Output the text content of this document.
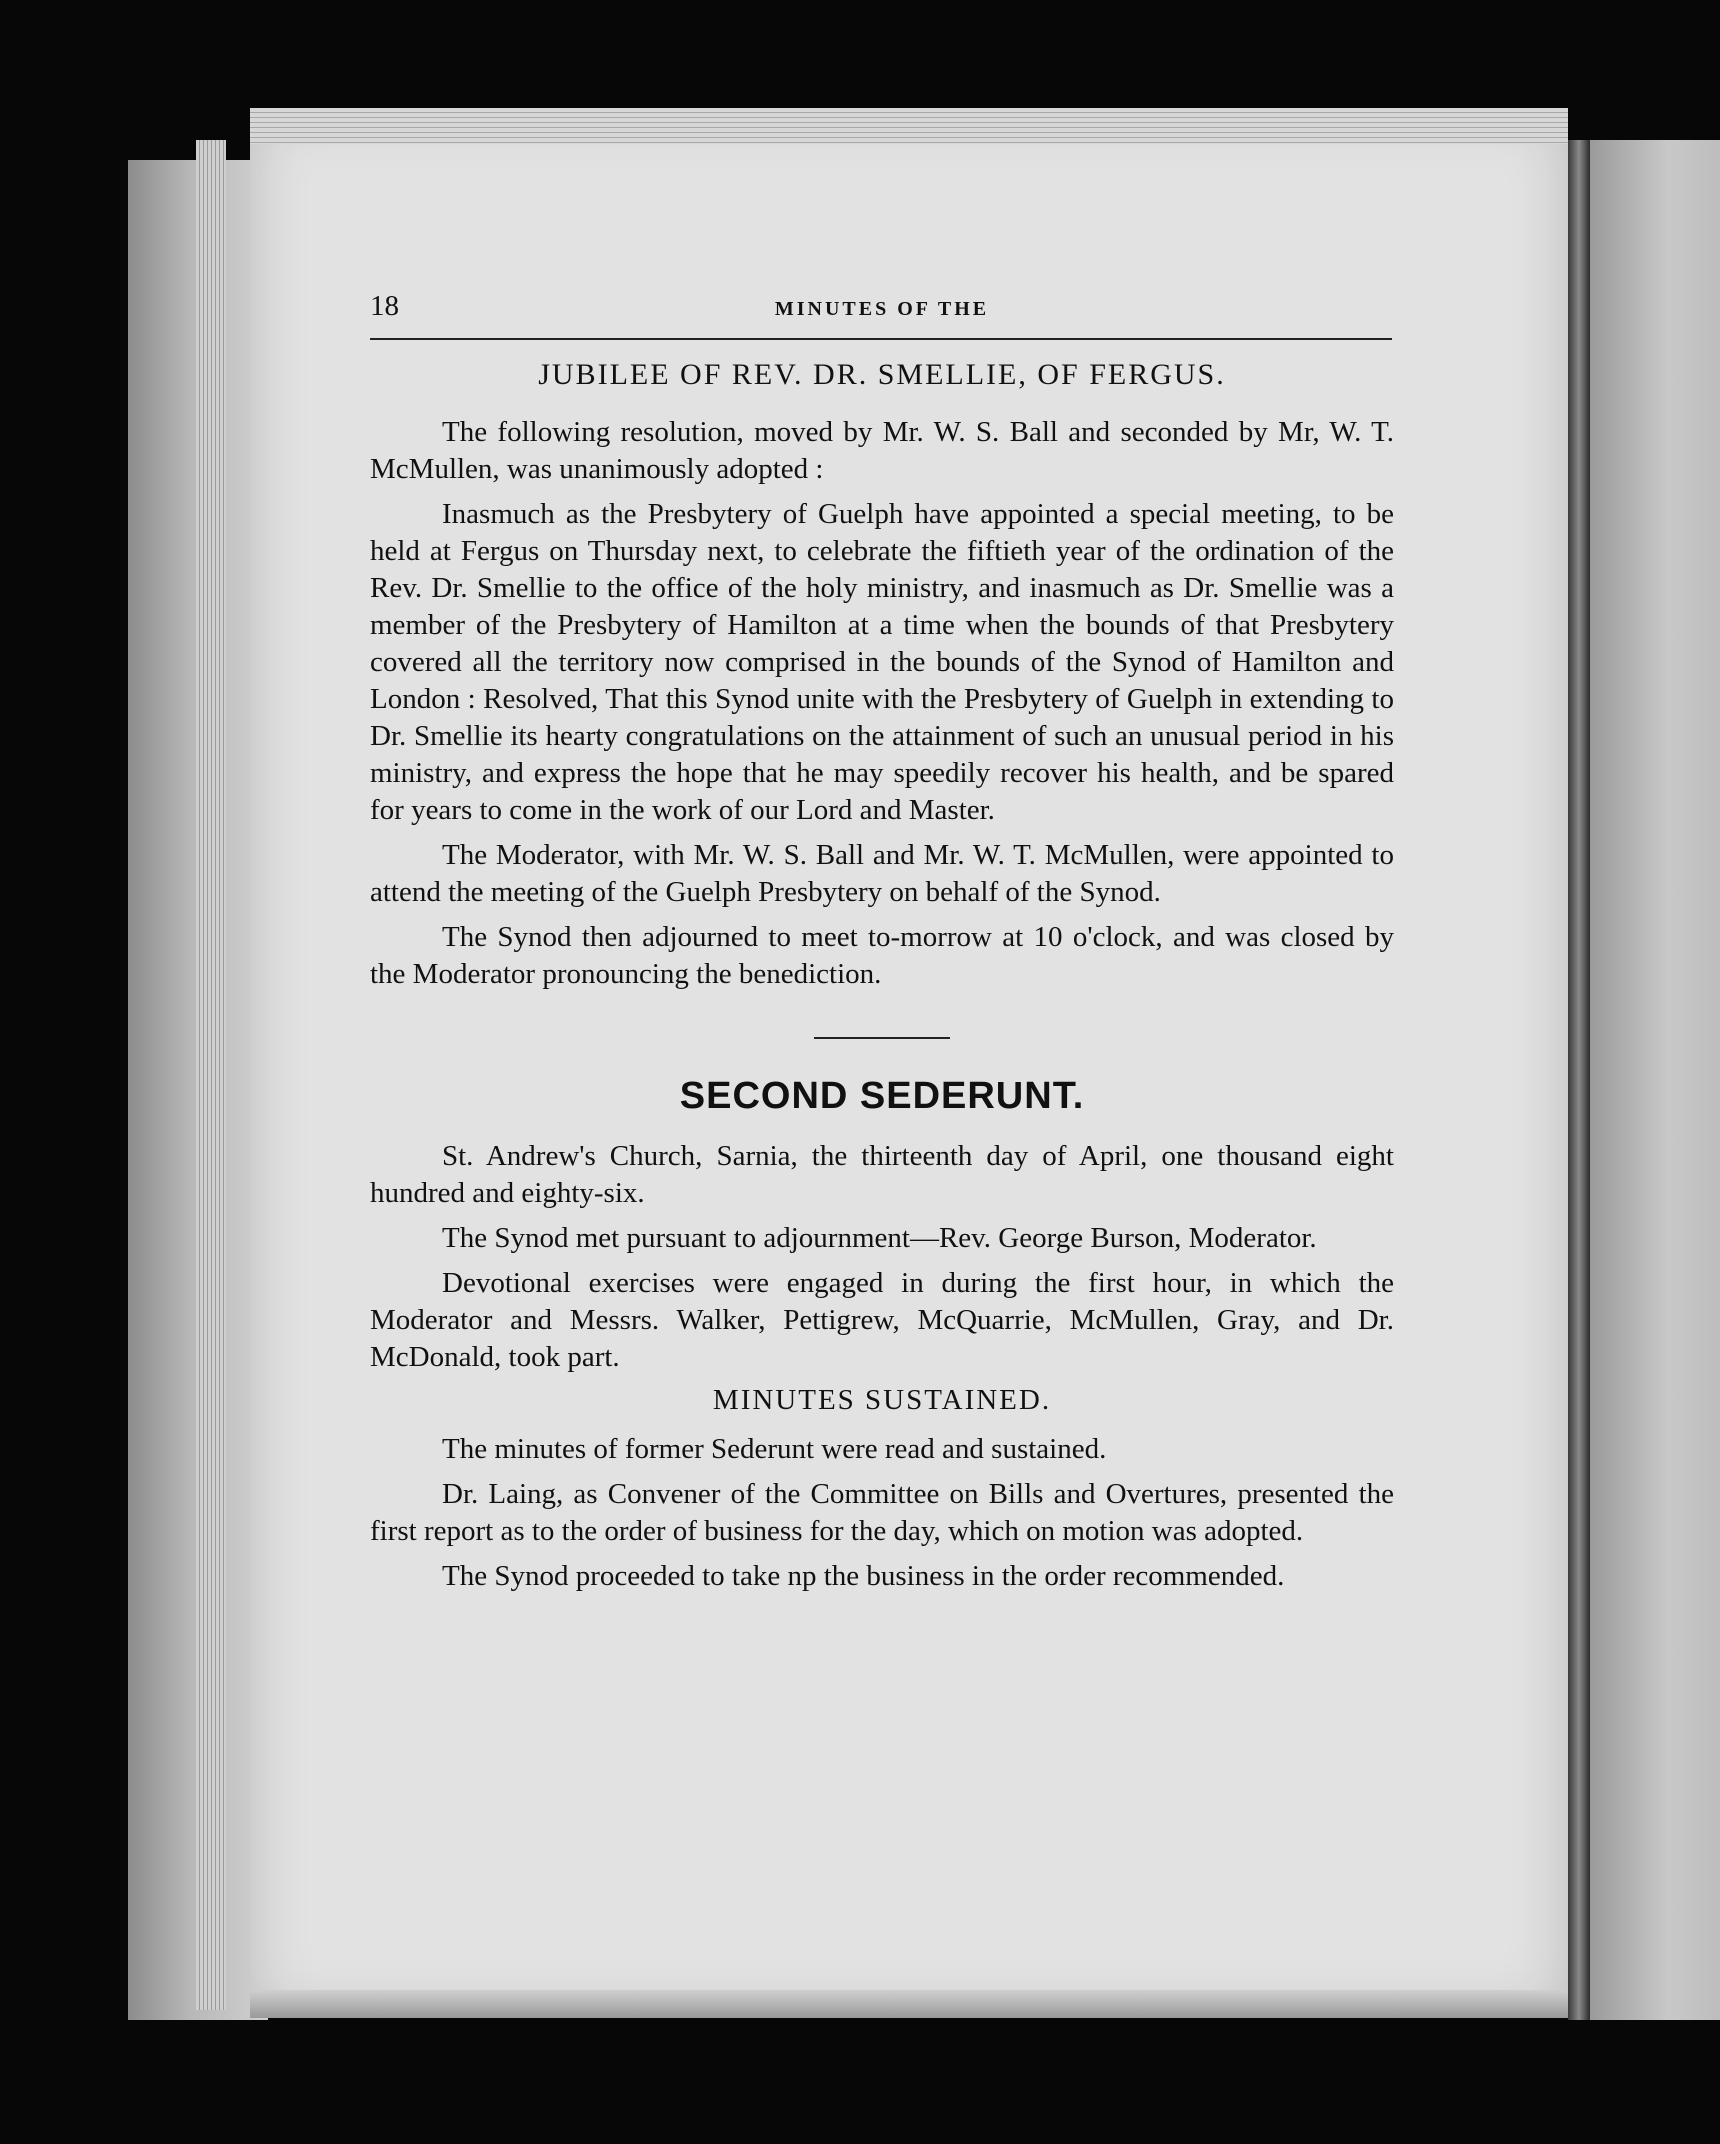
18	MINUTES OF THE
JUBILEE OF REV. DR. SMELLIE, OF FERGUS.

The following resolution, moved by Mr. W. S. Ball and seconded by Mr, W. T. McMullen, was unanimously adopted :

Inasmuch as the Presbytery of Guelph have appointed a special meeting, to be held at Fergus on Thursday next, to celebrate the fiftieth year of the ordination of the Rev. Dr. Smellie to the office of the holy ministry, and inasmuch as Dr. Smellie was a member of the Presbytery of Hamilton at a time when the bounds of that Presbytery covered all the territory now comprised in the bounds of the Synod of Hamilton and London : Resolved, That this Synod unite with the Presbytery of Guelph in extending to Dr. Smellie its hearty congratulations on the attainment of such an unusual period in his ministry, and express the hope that he may speedily recover his health, and be spared for years to come in the work of our Lord and Master.

The Moderator, with Mr. W. S. Ball and Mr. W. T. McMullen, were appointed to attend the meeting of the Guelph Presbytery on behalf of the Synod.

The Synod then adjourned to meet to-morrow at 10 o'clock, and was closed by the Moderator pronouncing the benediction.

SECOND SEDERUNT.

St. Andrew's Church, Sarnia, the thirteenth day of April, one thousand eight hundred and eighty-six.

The Synod met pursuant to adjournment—Rev. George Burson, Moderator.

Devotional exercises were engaged in during the first hour, in which the Moderator and Messrs. Walker, Pettigrew, McQuarrie, McMullen, Gray, and Dr. McDonald, took part.

MINUTES SUSTAINED.

The minutes of former Sederunt were read and sustained.

Dr. Laing, as Convener of the Committee on Bills and Overtures, presented the first report as to the order of business for the day, which on motion was adopted.

The Synod proceeded to take np the business in the order recommended.
